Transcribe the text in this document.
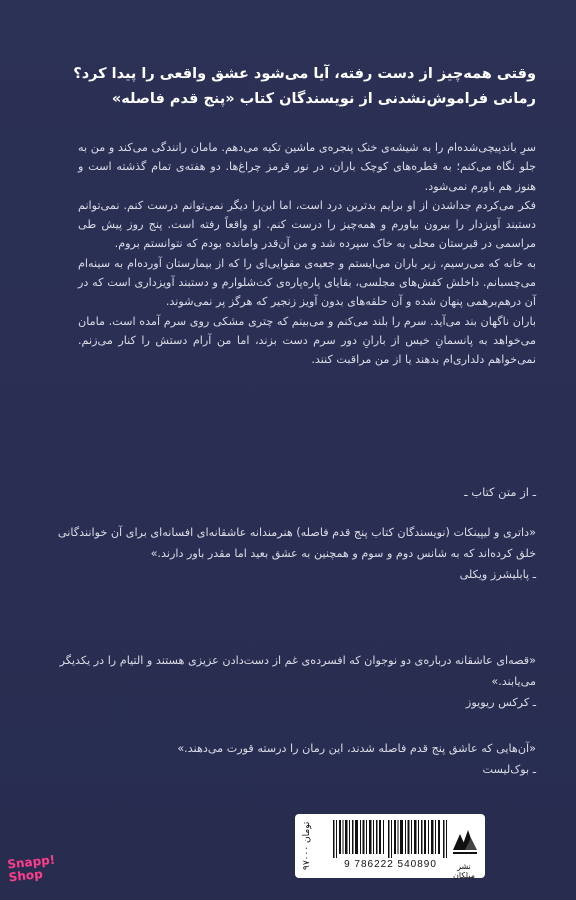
وقتی همه‌چیز از دست رفته، آیا می‌شود عشق واقعی را پیدا کرد؟
رمانی فراموش‌نشدنی از نویسندگان کتاب «پنج قدم فاصله»

سرِ باندپیچی‌شده‌ام را به شیشه‌ی خنک پنجره‌ی ماشین تکیه می‌دهم. مامان رانندگی می‌کند و من به جلو نگاه می‌کنم؛ به قطره‌های کوچک باران، در نور قرمز چراغ‌ها. دو هفته‌ی تمام گذشته است و هنوز هم باورم نمی‌شود.

فکر می‌کردم جداشدن از او برایم بدترین درد است، اما این‌را دیگر نمی‌توانم درست کنم. نمی‌توانم دستبند آویزدار را بیرون بیاورم و همه‌چیز را درست کنم. او واقعاً رفته است. پنج روز پیش طی مراسمی در قبرستان محلی به خاک سپرده شد و من آن‌قدر وامانده بودم که نتوانستم بروم.

به خانه که می‌رسیم، زیر باران می‌ایستم و جعبه‌ی مقوایی‌ای را که از بیمارستان آورده‌ام به سینه‌ام می‌چسبانم. داخلش کفش‌های مجلسی، بقایای پاره‌پاره‌ی کت‌شلوارم و دستبند آویزداری است که در آن درهم‌برهمی پنهان شده و آن حلقه‌های بدون آویز زنجیر که هرگز پر نمی‌شوند.

باران ناگهان بند می‌آید. سرم را بلند می‌کنم و می‌بینم که چتری مشکی روی سرم آمده است. مامان می‌خواهد به پانسمانِ خیس از بارانِ دور سرم دست بزند، اما من آرام دستش را کنار می‌زنم. نمی‌خواهم دلداری‌ام بدهند یا از من مراقبت کنند.

ـ از متن کتاب ـ

«داتری و لیپینکات (نویسندگان کتاب پنج قدم فاصله) هنرمندانه عاشقانه‌ای افسانه‌ای برای آن خوانندگانی خلق کرده‌اند که به شانس دوم و سوم و همچنین به عشق بعید اما مقدر باور دارند.»

ـ پابلیشرز ویکلی

«قصه‌ای عاشقانه درباره‌ی دو نوجوان که افسرده‌ی غم از دست‌دادن عزیزی هستند و التیام را در یکدیگر می‌یابند.»

ـ کرکس ریویوز

«آن‌هایی که عاشق پنج قدم فاصله شدند، این رمان را درسته قورت می‌دهند.»

ـ بوک‌لیست

۹۷۰۰۰ تومان
9 786222 540890	نشر میلکان
Snapp!
Shop
